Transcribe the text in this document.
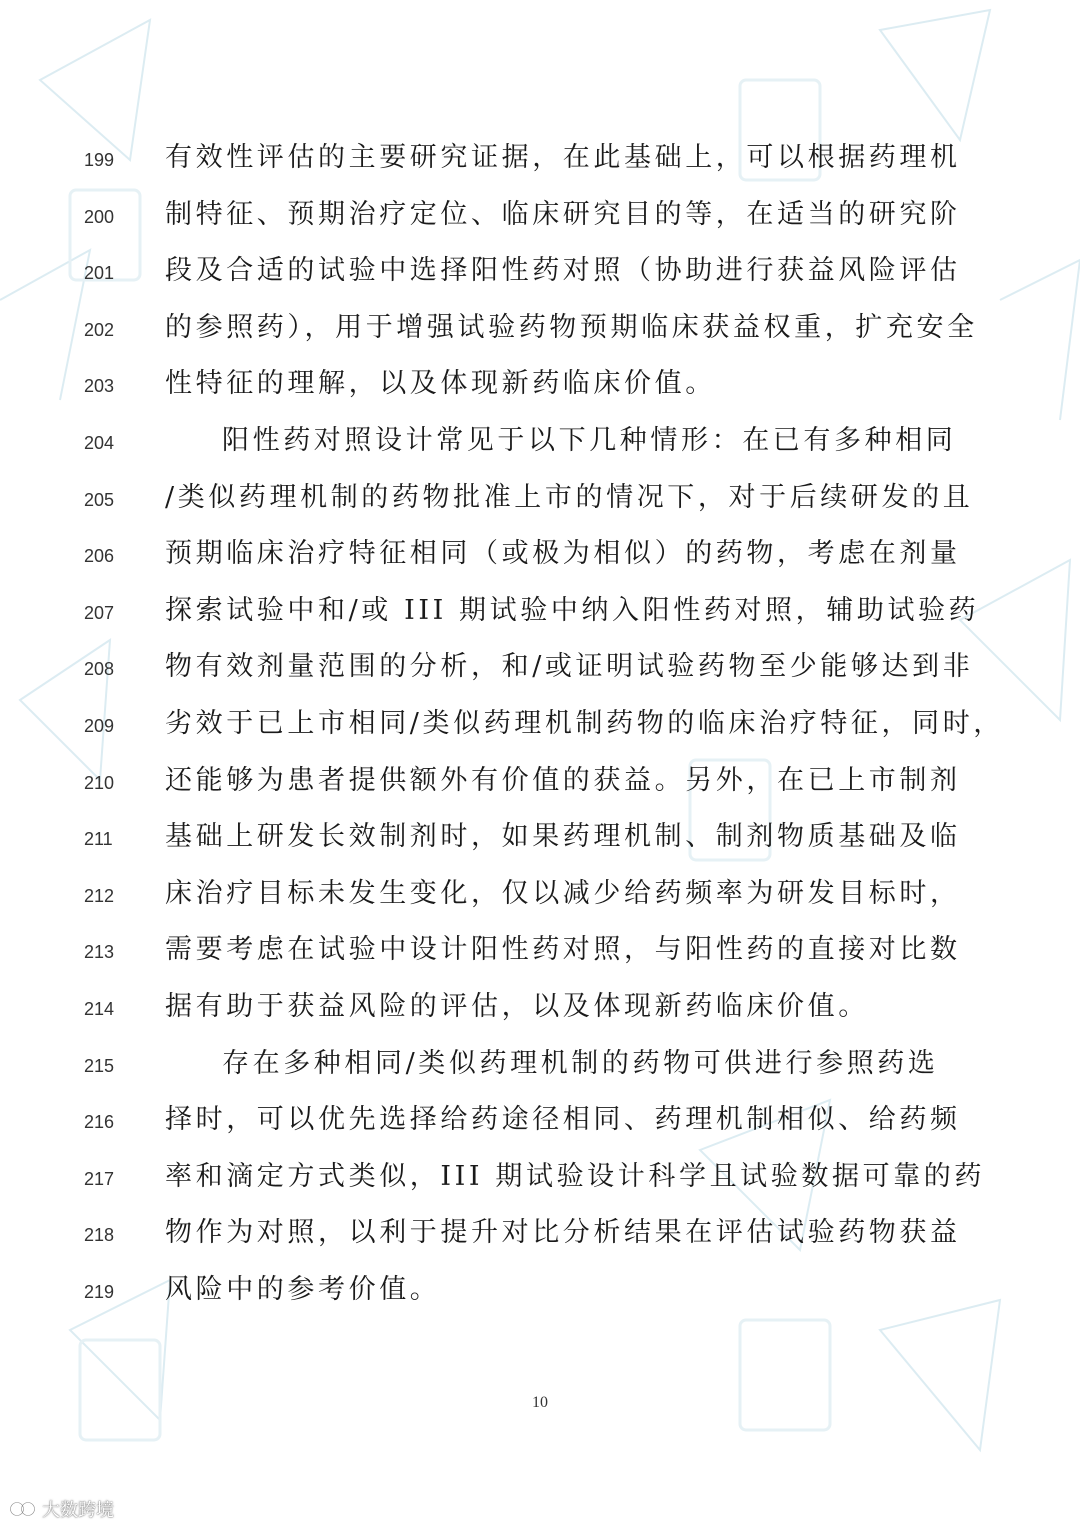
199	有效性评估的主要研究证据，在此基础上，可以根据药理机
200	制特征、预期治疗定位、临床研究目的等，在适当的研究阶
201	段及合适的试验中选择阳性药对照（协助进行获益风险评估
202	的参照药），用于增强试验药物预期临床获益权重，扩充安全
203	性特征的理解，以及体现新药临床价值。
204	阳性药对照设计常见于以下几种情形：在已有多种相同
205	/类似药理机制的药物批准上市的情况下，对于后续研发的且
206	预期临床治疗特征相同（或极为相似）的药物，考虑在剂量
207	探索试验中和/或 III 期试验中纳入阳性药对照，辅助试验药
208	物有效剂量范围的分析，和/或证明试验药物至少能够达到非
209	劣效于已上市相同/类似药理机制药物的临床治疗特征，同时，
210	还能够为患者提供额外有价值的获益。另外，在已上市制剂
211	基础上研发长效制剂时，如果药理机制、制剂物质基础及临
212	床治疗目标未发生变化，仅以减少给药频率为研发目标时，
213	需要考虑在试验中设计阳性药对照，与阳性药的直接对比数
214	据有助于获益风险的评估，以及体现新药临床价值。
215	存在多种相同/类似药理机制的药物可供进行参照药选
216	择时，可以优先选择给药途径相同、药理机制相似、给药频
217	率和滴定方式类似，III 期试验设计科学且试验数据可靠的药
218	物作为对照，以利于提升对比分析结果在评估试验药物获益
219	风险中的参考价值。
10
大数跨境
